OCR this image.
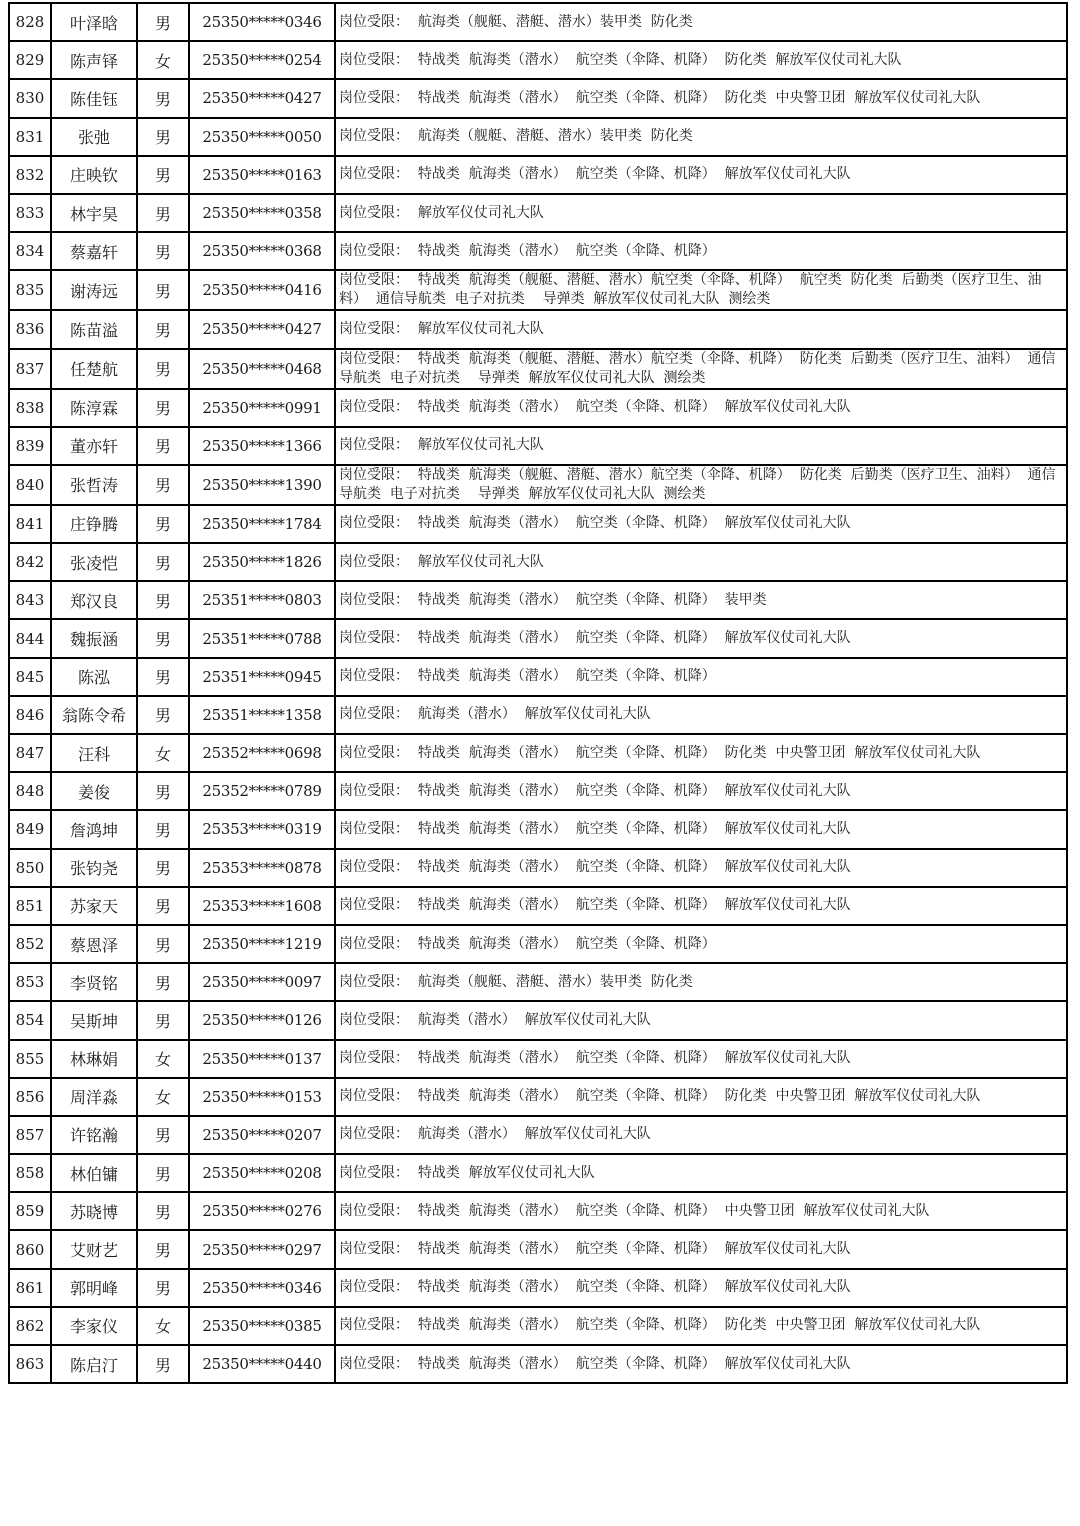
828	叶泽晗	男	25350*****0346	岗位受限：  航海类（舰艇、潜艇、潜水）装甲类  防化类

829	陈声铎	女	25350*****0254	岗位受限：  特战类  航海类（潜水）  航空类（伞降、机降）  防化类  解放军仪仗司礼大队

830	陈佳钰	男	25350*****0427	岗位受限：  特战类  航海类（潜水）  航空类（伞降、机降）  防化类  中央警卫团  解放军仪仗司礼大队

831	张弛	男	25350*****0050	岗位受限：  航海类（舰艇、潜艇、潜水）装甲类  防化类

832	庄映钦	男	25350*****0163	岗位受限：  特战类  航海类（潜水）  航空类（伞降、机降）  解放军仪仗司礼大队

833	林宇昊	男	25350*****0358	岗位受限：  解放军仪仗司礼大队

834	蔡嘉轩	男	25350*****0368	岗位受限：  特战类  航海类（潜水）  航空类（伞降、机降）

835	谢涛远	男	25350*****0416	岗位受限：  特战类  航海类（舰艇、潜艇、潜水）航空类（伞降、机降）  航空类  防化类  后勤类（医疗卫生、油料）  通信导航类  电子对抗类    导弹类  解放军仪仗司礼大队  测绘类

836	陈苗溢	男	25350*****0427	岗位受限：  解放军仪仗司礼大队

837	任楚航	男	25350*****0468	岗位受限：  特战类  航海类（舰艇、潜艇、潜水）航空类（伞降、机降）  防化类  后勤类（医疗卫生、油料）  通信导航类  电子对抗类    导弹类  解放军仪仗司礼大队  测绘类

838	陈淳霖	男	25350*****0991	岗位受限：  特战类  航海类（潜水）  航空类（伞降、机降）  解放军仪仗司礼大队

839	董亦轩	男	25350*****1366	岗位受限：  解放军仪仗司礼大队

840	张哲涛	男	25350*****1390	岗位受限：  特战类  航海类（舰艇、潜艇、潜水）航空类（伞降、机降）  防化类  后勤类（医疗卫生、油料）  通信导航类  电子对抗类    导弹类  解放军仪仗司礼大队  测绘类

841	庄铮腾	男	25350*****1784	岗位受限：  特战类  航海类（潜水）  航空类（伞降、机降）  解放军仪仗司礼大队

842	张凌恺	男	25350*****1826	岗位受限：  解放军仪仗司礼大队

843	郑汉良	男	25351*****0803	岗位受限：  特战类  航海类（潜水）  航空类（伞降、机降）  装甲类

844	魏振涵	男	25351*****0788	岗位受限：  特战类  航海类（潜水）  航空类（伞降、机降）  解放军仪仗司礼大队

845	陈泓	男	25351*****0945	岗位受限：  特战类  航海类（潜水）  航空类（伞降、机降）

846	翁陈令希	男	25351*****1358	岗位受限：  航海类（潜水）  解放军仪仗司礼大队

847	汪科	女	25352*****0698	岗位受限：  特战类  航海类（潜水）  航空类（伞降、机降）  防化类  中央警卫团  解放军仪仗司礼大队

848	姜俊	男	25352*****0789	岗位受限：  特战类  航海类（潜水）  航空类（伞降、机降）  解放军仪仗司礼大队

849	詹鸿坤	男	25353*****0319	岗位受限：  特战类  航海类（潜水）  航空类（伞降、机降）  解放军仪仗司礼大队

850	张钧尧	男	25353*****0878	岗位受限：  特战类  航海类（潜水）  航空类（伞降、机降）  解放军仪仗司礼大队

851	苏家天	男	25353*****1608	岗位受限：  特战类  航海类（潜水）  航空类（伞降、机降）  解放军仪仗司礼大队

852	蔡恩泽	男	25350*****1219	岗位受限：  特战类  航海类（潜水）  航空类（伞降、机降）

853	李贤铭	男	25350*****0097	岗位受限：  航海类（舰艇、潜艇、潜水）装甲类  防化类

854	吴斯坤	男	25350*****0126	岗位受限：  航海类（潜水）  解放军仪仗司礼大队

855	林琳娟	女	25350*****0137	岗位受限：  特战类  航海类（潜水）  航空类（伞降、机降）  解放军仪仗司礼大队

856	周洋淼	女	25350*****0153	岗位受限：  特战类  航海类（潜水）  航空类（伞降、机降）  防化类  中央警卫团  解放军仪仗司礼大队

857	许铭瀚	男	25350*****0207	岗位受限：  航海类（潜水）  解放军仪仗司礼大队

858	林伯镛	男	25350*****0208	岗位受限：  特战类  解放军仪仗司礼大队

859	苏晓博	男	25350*****0276	岗位受限：  特战类  航海类（潜水）  航空类（伞降、机降）  中央警卫团  解放军仪仗司礼大队

860	艾财艺	男	25350*****0297	岗位受限：  特战类  航海类（潜水）  航空类（伞降、机降）  解放军仪仗司礼大队

861	郭明峰	男	25350*****0346	岗位受限：  特战类  航海类（潜水）  航空类（伞降、机降）  解放军仪仗司礼大队

862	李家仪	女	25350*****0385	岗位受限：  特战类  航海类（潜水）  航空类（伞降、机降）  防化类  中央警卫团  解放军仪仗司礼大队

863	陈启汀	男	25350*****0440	岗位受限：  特战类  航海类（潜水）  航空类（伞降、机降）  解放军仪仗司礼大队
